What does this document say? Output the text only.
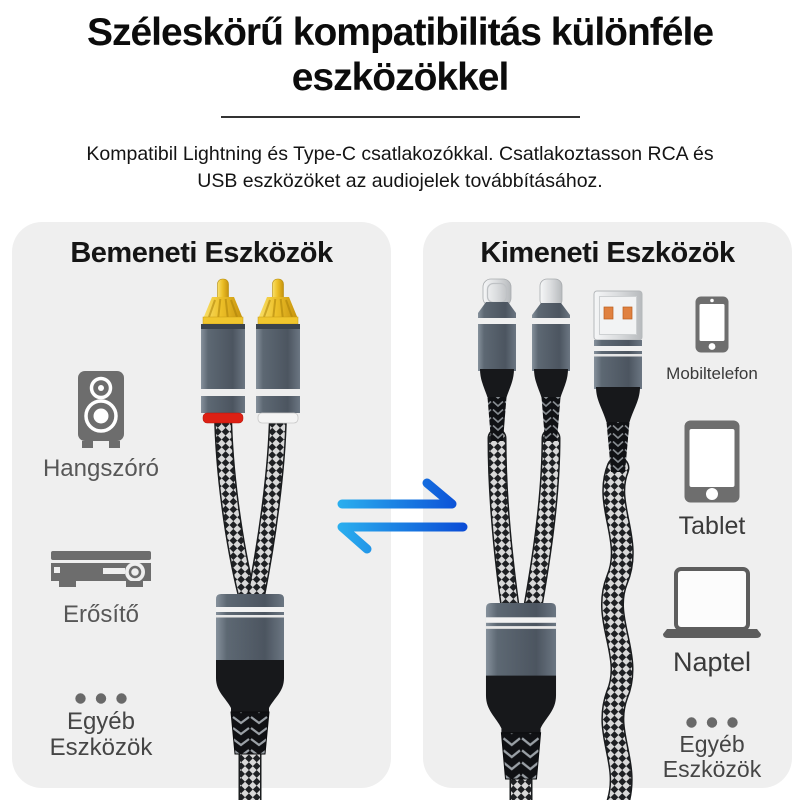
Széleskörű kompatibilitás különféle
eszközökkel
Kompatibil Lightning és Type-C csatlakozókkal. Csatlakoztasson RCA és
USB eszközöket az audiojelek továbbításához.
Bemeneti Eszközök	Kimeneti Eszközök
Hangszóró
Erősítő
Egyéb
Eszközök
Mobiltelefon
Tablet
Naptel
Egyéb
Eszközök
